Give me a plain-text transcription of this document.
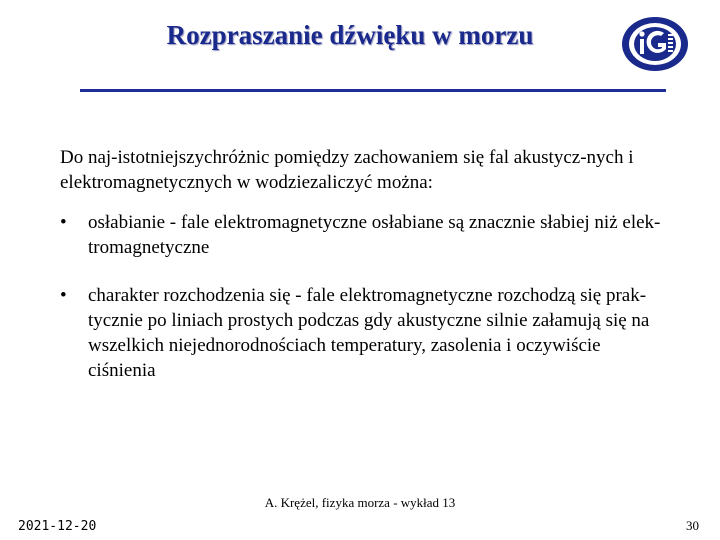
Rozpraszanie dźwięku w morzu

Do naj-istotniejszychróżnic pomiędzy zachowaniem się fal akustycz-nych i elektromagnetycznych w wodziezaliczyć można:

•	osłabianie - fale elektromagnetyczne osłabiane są znacznie słabiej niż elek-tromagnetyczne
•	charakter rozchodzenia się - fale elektromagnetyczne rozchodzą się prak-tycznie po liniach prostych podczas gdy akustyczne silnie załamują się na wszelkich niejednorodnościach temperatury, zasolenia i oczywiście ciśnienia

A. Krężel, fizyka morza - wykład 13

2021-12-20	30
